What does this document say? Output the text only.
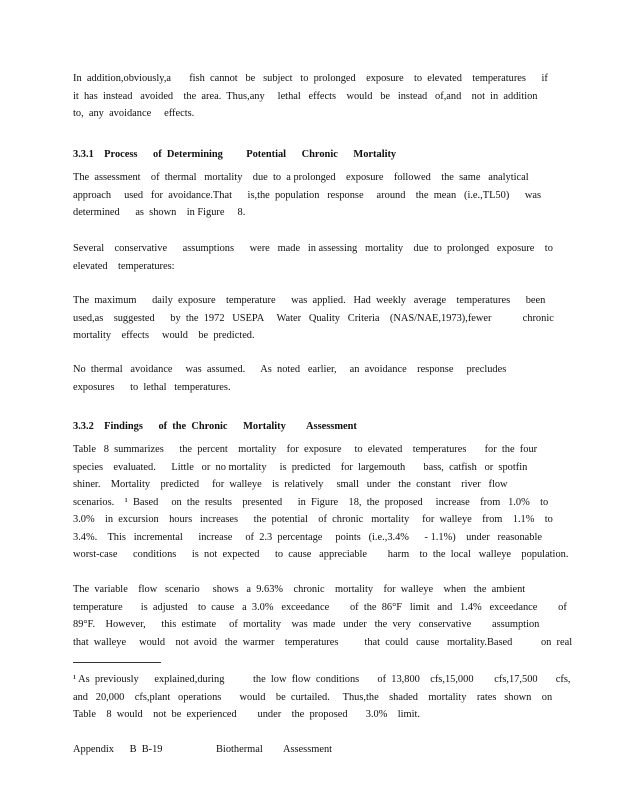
In  addition,obviously,a       fish  cannot   be   subject   to  prolonged    exposure    to  elevated    temperatures      if
it  has  instead   avoided    the  area.  Thus,any     lethal   effects    would   be   instead   of,and    not  in  addition
to,  any  avoidance     effects.
3.3.1    Process      of  Determining         Potential      Chronic      Mortality
The  assessment    of  thermal   mortality    due  to  a prolonged    exposure    followed    the  same   analytical
approach     used   for  avoidance.That      is,the  population   response     around    the  mean   (i.e.,TL50)      was
determined      as  shown    in Figure     8.
Several    conservative      assumptions      were   made   in assessing   mortality    due  to  prolonged   exposure    to
elevated    temperatures:
The  maximum      daily  exposure    temperature      was  applied.   Had  weekly   average    temperatures      been
used,as    suggested      by  the  1972   USEPA     Water   Quality   Criteria    (NAS/NAE,1973),fewer            chronic
mortality    effects     would    be  predicted.
No  thermal   avoidance     was  assumed.      As  noted   earlier,     an  avoidance    response     precludes
exposures      to  lethal   temperatures.
3.3.2    Findings      of  the  Chronic      Mortality        Assessment
Table   8  summarizes      the  percent    mortality    for  exposure     to  elevated    temperatures       for  the  four
species    evaluated.      Little   or  no mortality     is  predicted    for  largemouth       bass,  catfish   or  spotfin
shiner.    Mortality    predicted     for  walleye    is  relatively     small   under   the  constant    river   flow
scenarios.    ¹  Based     on  the  results    presented      in  Figure    18,  the  proposed     increase    from   1.0%    to
3.0%    in  excursion    hours   increases      the  potential    of  chronic   mortality     for  walleye    from    1.1%    to
3.4%.    This   incremental      increase     of  2.3  percentage     points   (i.e.,3.4%      - 1.1%)    under   reasonable
worst-case      conditions      is  not  expected      to  cause   appreciable        harm    to  the  local   walleye    population.
The  variable    flow   scenario     shows   a  9.63%    chronic    mortality    for  walleye    when   the  ambient
temperature       is  adjusted    to  cause   a  3.0%   exceedance        of  the  86°F   limit   and   1.4%   exceedance        of
89°F.    However,      this  estimate     of  mortality    was  made   under   the  very   conservative        assumption
that  walleye     would    not  avoid   the  warmer    temperatures          that  could   cause   mortality.Based           on  real
¹ As  previously      explained,during           the  low  flow  conditions       of  13,800    cfs,15,000        cfs,17,500       cfs,
and   20,000    cfs,plant   operations       would    be  curtailed.     Thus,the    shaded    mortality    rates   shown    on
Table    8  would    not  be  experienced        under    the  proposed       3.0%    limit.
Appendix      B  B-19	Biothermal        Assessment
